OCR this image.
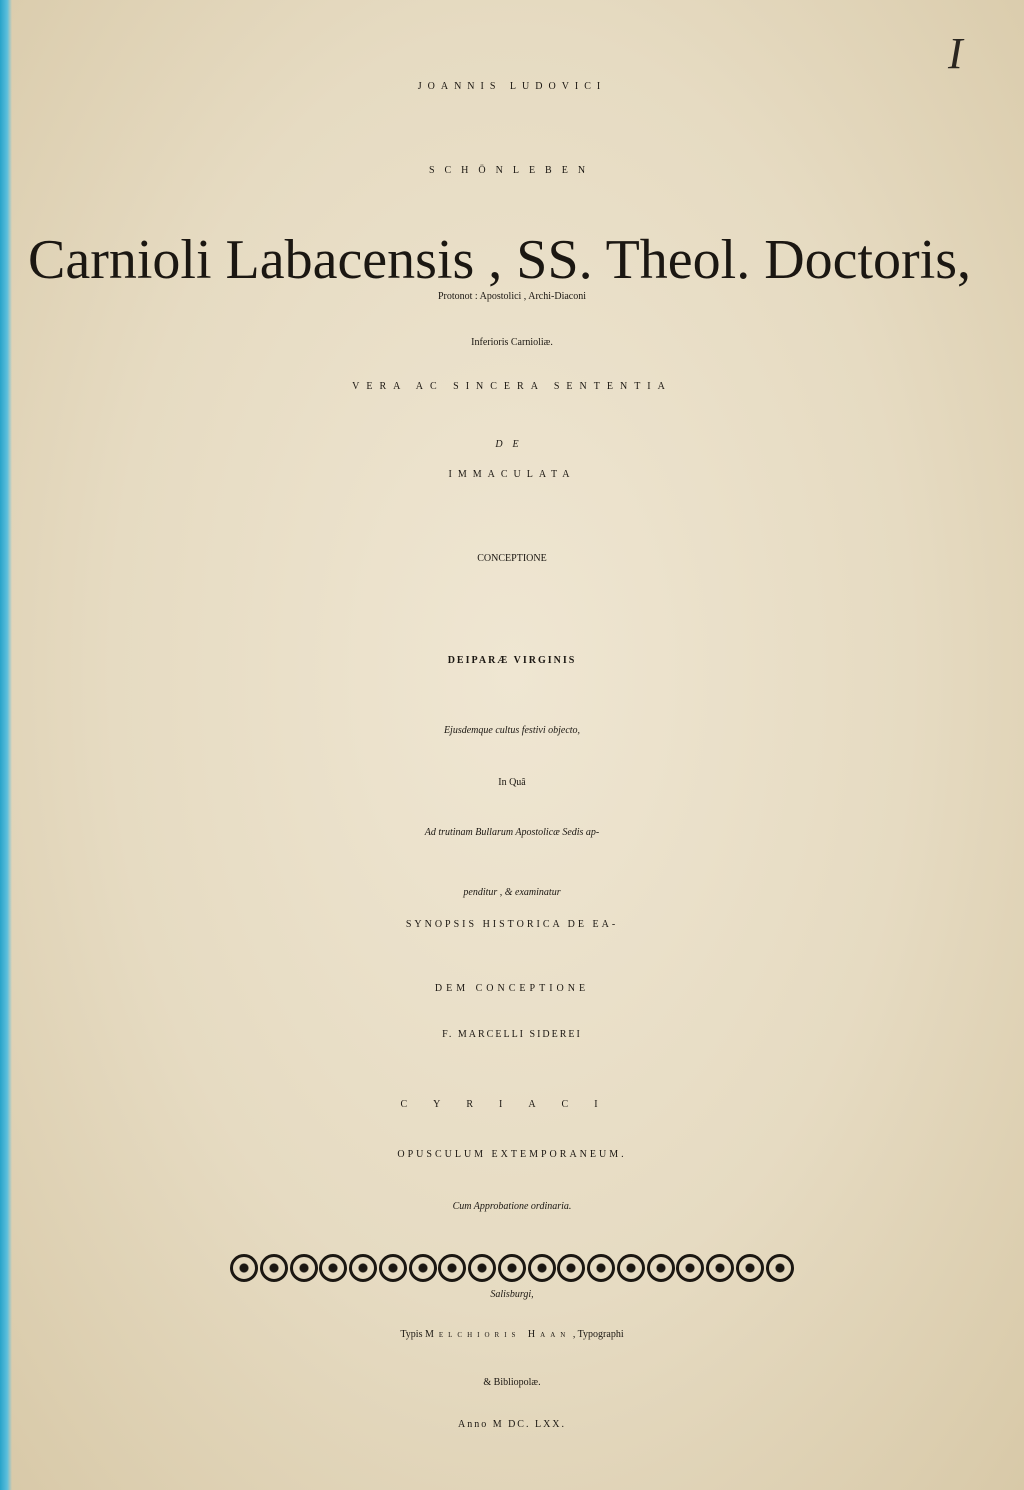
I
JOANNIS LUDOVICI
SCHÖNLEBEN
Carnioli Labacensis , SS. Theol. Doctoris,
Protonot : Apostolici , Archi-Diaconi
Inferioris Carnioliæ.
VERA AC SINCERA SENTENTIA
DE
IMMACULATA
CONCEPTIONE
DEIPARÆ VIRGINIS
Ejusdemque cultus festivi objecto,
In Quâ
Ad trutinam Bullarum Apostolicæ Sedis ap-
penditur , & examinatur
SYNOPSIS HISTORICA DE EA-
DEM CONCEPTIONE
F. MARCELLI SIDEREI
CYRIACI
OPUSCULUM EXTEMPORANEUM.
Cum Approbatione ordinaria.
Salisburgi,
Typis Melchioris Haan , Typographi
& Bibliopolæ.
Anno M DC. LXX.
